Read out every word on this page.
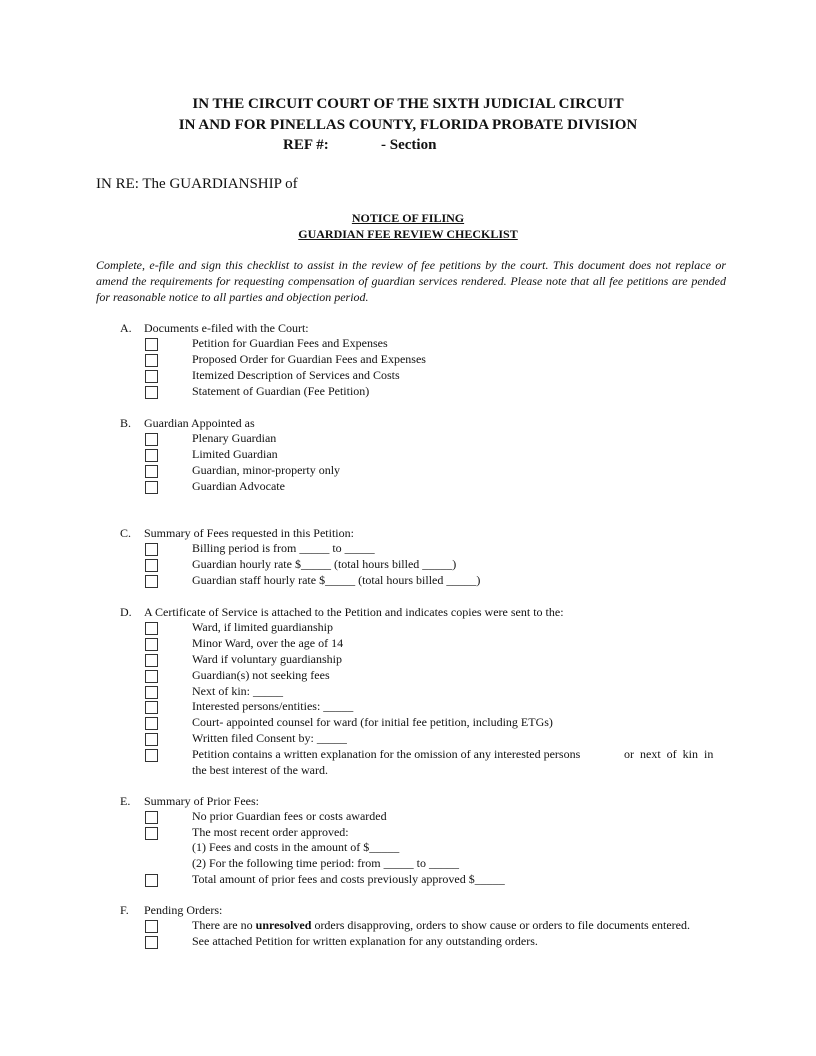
IN THE CIRCUIT COURT OF THE SIXTH JUDICIAL CIRCUIT
IN AND FOR PINELLAS COUNTY, FLORIDA PROBATE DIVISION
REF #:	- Section
IN RE: The GUARDIANSHIP of
NOTICE OF FILING
GUARDIAN FEE REVIEW CHECKLIST
Complete, e-file and sign this checklist to assist in the review of fee petitions by the court. This document does not replace or amend the requirements for requesting compensation of guardian services rendered. Please note that all fee petitions are pended for reasonable notice to all parties and objection period.
A. Documents e-filed with the Court:
Petition for Guardian Fees and Expenses
Proposed Order for Guardian Fees and Expenses
Itemized Description of Services and Costs
Statement of Guardian (Fee Petition)
B. Guardian Appointed as
Plenary Guardian
Limited Guardian
Guardian, minor-property only
Guardian Advocate
C. Summary of Fees requested in this Petition:
Billing period is from _____ to _____
Guardian hourly rate $_____ (total hours billed _____)
Guardian staff hourly rate $_____ (total hours billed _____)
D. A Certificate of Service is attached to the Petition and indicates copies were sent to the:
Ward, if limited guardianship
Minor Ward, over the age of 14
Ward if voluntary guardianship
Guardian(s) not seeking fees
Next of kin: _____
Interested persons/entities: _____
Court- appointed counsel for ward (for initial fee petition, including ETGs)
Written filed Consent by: _____
Petition contains a written explanation for the omission of any interested persons	or next of kin in
the best interest of the ward.
E. Summary of Prior Fees:
No prior Guardian fees or costs awarded
The most recent order approved:
(1) Fees and costs in the amount of $_____
(2) For the following time period: from _____ to _____
Total amount of prior fees and costs previously approved $_____
F. Pending Orders:
There are no unresolved orders disapproving, orders to show cause or orders to file documents entered.
See attached Petition for written explanation for any outstanding orders.
